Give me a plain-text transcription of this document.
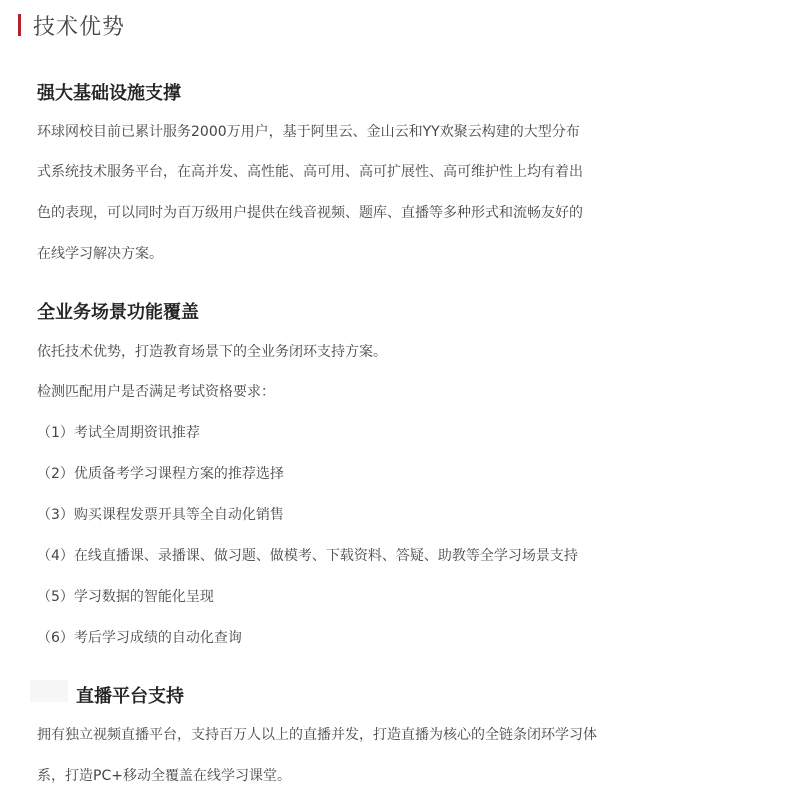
技术优势
强大基础设施支撑
环球网校目前已累计服务2000万用户，基于阿里云、金山云和YY欢聚云构建的大型分布
式系统技术服务平台，在高并发、高性能、高可用、高可扩展性、高可维护性上均有着出
色的表现，可以同时为百万级用户提供在线音视频、题库、直播等多种形式和流畅友好的
在线学习解决方案。
全业务场景功能覆盖
依托技术优势，打造教育场景下的全业务闭环支持方案。
检测匹配用户是否满足考试资格要求：
（1）考试全周期资讯推荐
（2）优质备考学习课程方案的推荐选择
（3）购买课程发票开具等全自动化销售
（4）在线直播课、录播课、做习题、做模考、下载资料、答疑、助教等全学习场景支持
（5）学习数据的智能化呈现
（6）考后学习成绩的自动化查询
直播平台支持
拥有独立视频直播平台，支持百万人以上的直播并发，打造直播为核心的全链条闭环学习体
系，打造PC+移动全覆盖在线学习课堂。
